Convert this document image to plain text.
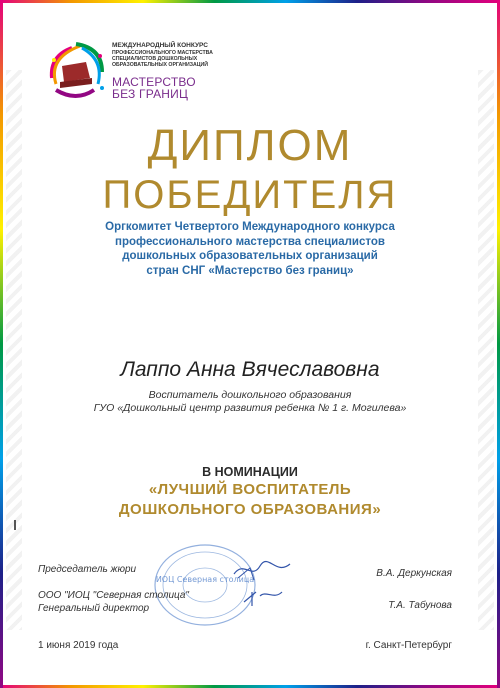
МЕЖДУНАРОДНЫЙ КОНКУРС
ПРОФЕССИОНАЛЬНОГО МАСТЕРСТВА
СПЕЦИАЛИСТОВ ДОШКОЛЬНЫХ
ОБРАЗОВАТЕЛЬНЫХ ОРГАНИЗАЦИЙ
МАСТЕРСТВО
БЕЗ ГРАНИЦ
ДИПЛОМ
ПОБЕДИТЕЛЯ
Оргкомитет Четвертого Международного конкурса
профессионального мастерства специалистов
дошкольных образовательных организаций
стран СНГ «Мастерство без границ»
Лаппо Анна Вячеславовна
Воспитатель дошкольного образования
ГУО «Дошкольный центр развития ребенка № 1 г. Могилева»
В НОМИНАЦИИ
«ЛУЧШИЙ ВОСПИТАТЕЛЬ
ДОШКОЛЬНОГО ОБРАЗОВАНИЯ»
ИОЦ Северная столица
Председатель жюри
ООО "ИОЦ "Северная столица"
Генеральный директор
В.А. Деркунская
Т.А. Табунова
1 июня 2019 года	г. Санкт-Петербург
